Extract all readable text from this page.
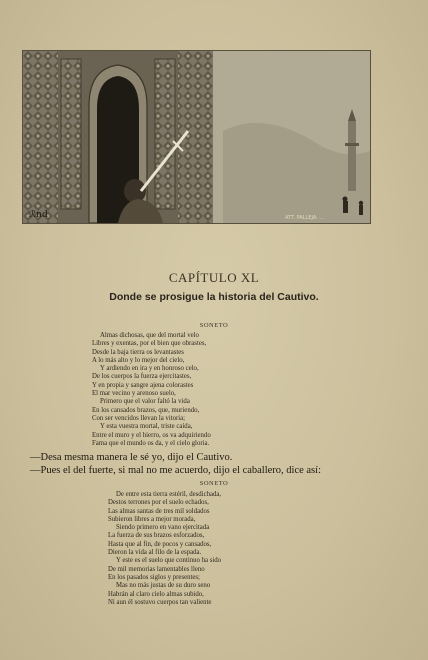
ℛnd	ATT. PALLEJA. ...
CAPÍTULO XL
Donde se prosigue la historia del Cautivo.
SONETO
Almas dichosas, que del mortal velo
Libres y exentas, por el bien que obrastes,
Desde la baja tierra os levantastes
A lo más alto y lo mejor del cielo,
Y ardiendo en ira y en honroso celo,
De los cuerpos la fuerza ejercitastes,
Y en propia y sangre ajena colorastes
El mar vecino y arenoso suelo,
Primero que el valor faltó la vida
En los cansados brazos, que, muriendo,
Con ser vencidos llevan la vitoria;
Y esta vuestra mortal, triste caída,
Entre el muro y el hierro, os va adquiriendo
Fama que el mundo os da, y el cielo gloria.
—Desa mesma manera le sé yo, dijo el Cautivo.
—Pues el del fuerte, si mal no me acuerdo, dijo el caballero, dice así:
SONETO
De entre esta tierra estéril, desdichada,
Destos terrones por el suelo echados,
Las almas santas de tres mil soldados
Subieron libres a mejor morada,
Siendo primero en vano ejercitada
La fuerza de sus brazos esforzados,
Hasta que al fin, de pocos y cansados,
Dieron la vida al filo de la espada.
Y este es el suelo que continuo ha sido
De mil memorias lamentables lleno
En los pasados siglos y presentes;
Mas no más justas de su duro seno
Habrán al claro cielo almas subido,
Ni aun él sostuvo cuerpos tan valiente
